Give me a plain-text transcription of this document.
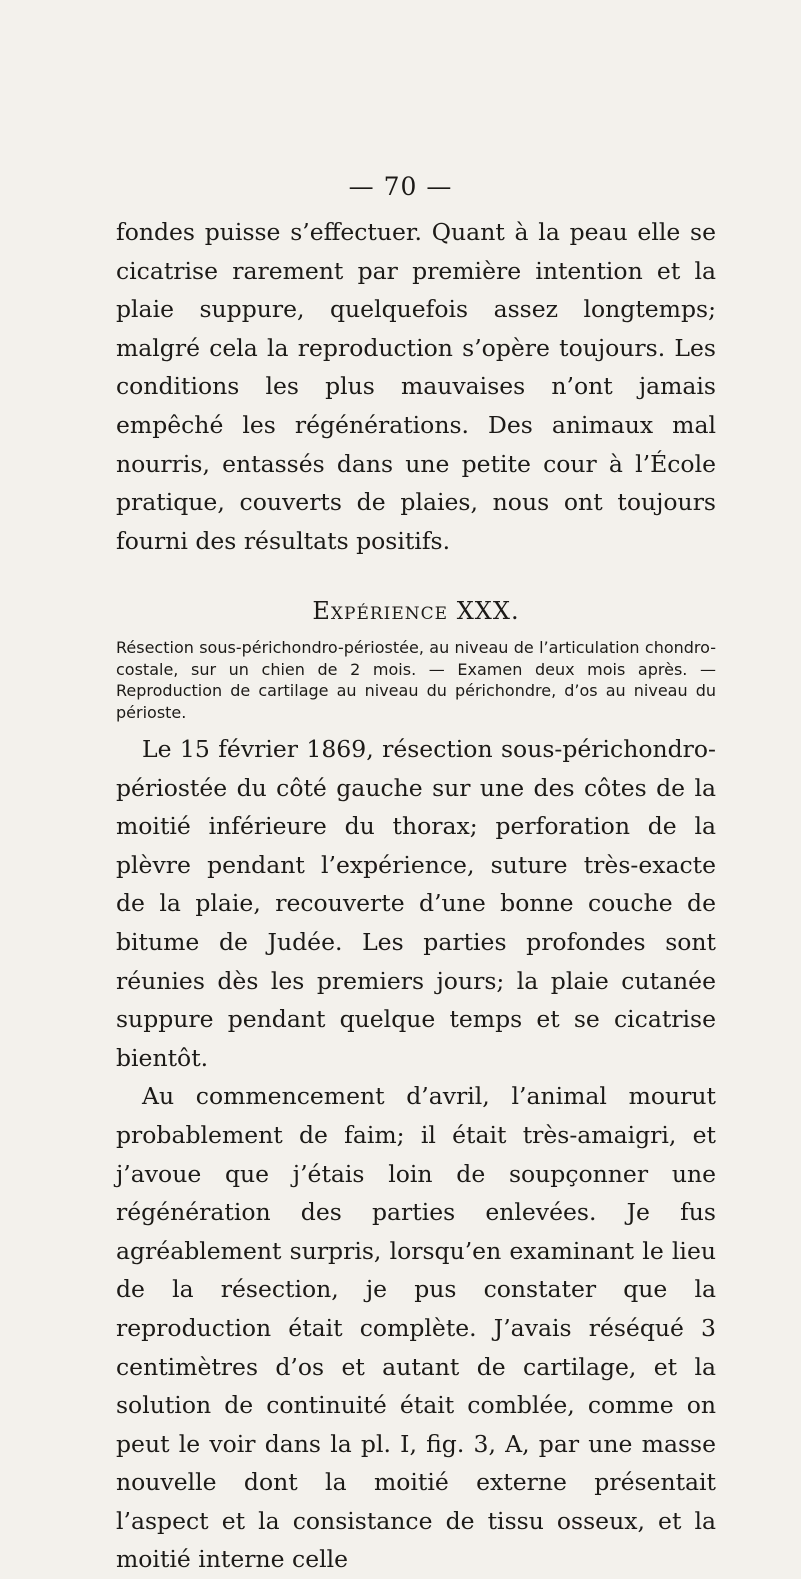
— 70 —

fondes puisse s’effectuer. Quant à la peau elle se cicatrise rarement par première intention et la plaie suppure, quelquefois assez longtemps; malgré cela la reproduction s’opère toujours. Les conditions les plus mauvaises n’ont jamais empêché les régénérations. Des animaux mal nourris, entassés dans une petite cour à l’École pratique, couverts de plaies, nous ont toujours fourni des résultats positifs.

Expérience XXX.
Résection sous-périchondro-périostée, au niveau de l’articulation chondro-costale, sur un chien de 2 mois. — Examen deux mois après. — Reproduction de cartilage au niveau du périchondre, d’os au niveau du périoste.

Le 15 février 1869, résection sous-périchondro-périostée du côté gauche sur une des côtes de la moitié inférieure du thorax; perforation de la plèvre pendant l’expérience, suture très-exacte de la plaie, recouverte d’une bonne couche de bitume de Judée. Les parties profondes sont réunies dès les premiers jours; la plaie cutanée suppure pendant quelque temps et se cicatrise bientôt.

Au commencement d’avril, l’animal mourut probablement de faim; il était très-amaigri, et j’avoue que j’étais loin de soupçonner une régénération des parties enlevées. Je fus agréablement surpris, lorsqu’en examinant le lieu de la résection, je pus constater que la reproduction était complète. J’avais réséqué 3 centimètres d’os et autant de cartilage, et la solution de continuité était comblée, comme on peut le voir dans la pl. I, fig. 3, A, par une masse nouvelle dont la moitié externe présentait l’aspect et la consistance de tissu osseux, et la moitié interne celle
